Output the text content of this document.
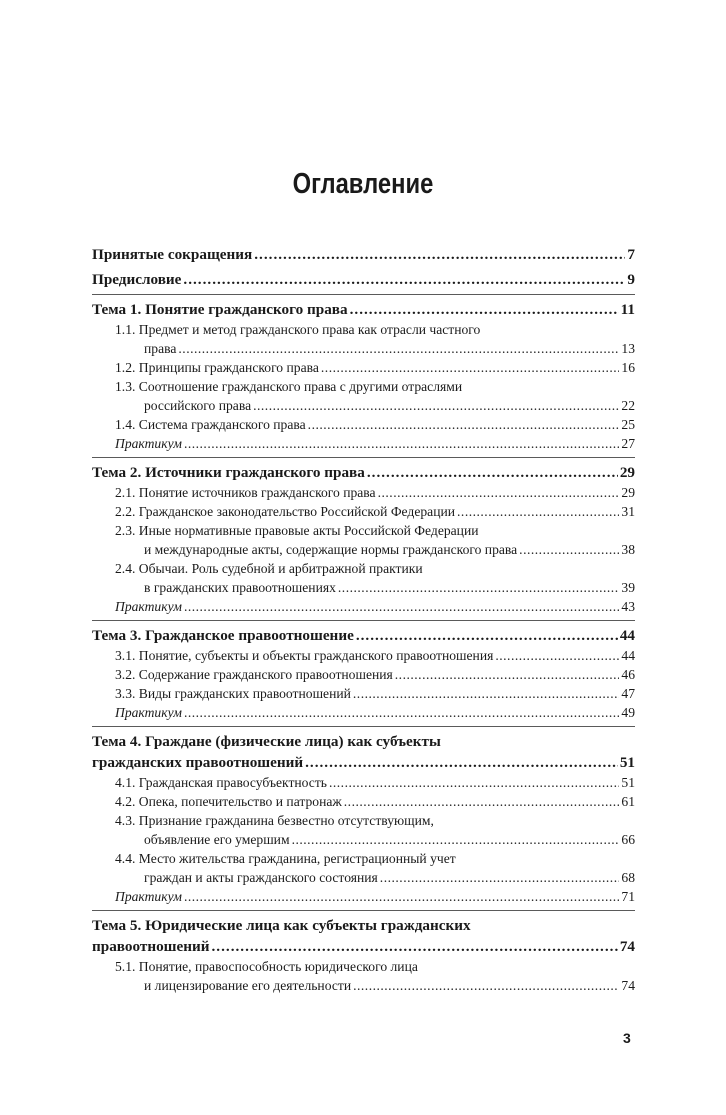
Оглавление
Принятые сокращения .....	7
Предисловие .....	9
Тема 1. Понятие гражданского права .....	11
1.1. Предмет и метод гражданского права как отрасли частного
права .....	13
1.2. Принципы гражданского права .....	16
1.3. Соотношение гражданского права с другими отраслями
российского права .....	22
1.4. Система гражданского права .....	25
Практикум .....	27
Тема 2. Источники гражданского права .....	29
2.1. Понятие источников гражданского права .....	29
2.2. Гражданское законодательство Российской Федерации .....	31
2.3. Иные нормативные правовые акты Российской Федерации
и международные акты, содержащие нормы гражданского права .....	38
2.4. Обычаи. Роль судебной и арбитражной практики
в гражданских правоотношениях .....	39
Практикум .....	43
Тема 3. Гражданское правоотношение .....	44
3.1. Понятие, субъекты и объекты гражданского правоотношения .....	44
3.2. Содержание гражданского правоотношения .....	46
3.3. Виды гражданских правоотношений .....	47
Практикум .....	49
Тема 4. Граждане (физические лица) как субъекты
гражданских правоотношений .....	51
4.1. Гражданская правосубъектность .....	51
4.2. Опека, попечительство и патронаж .....	61
4.3. Признание гражданина безвестно отсутствующим,
объявление его умершим .....	66
4.4. Место жительства гражданина, регистрационный учет
граждан и акты гражданского состояния .....	68
Практикум .....	71
Тема 5. Юридические лица как субъекты гражданских
правоотношений .....	74
5.1. Понятие, правоспособность юридического лица
и лицензирование его деятельности .....	74
3
